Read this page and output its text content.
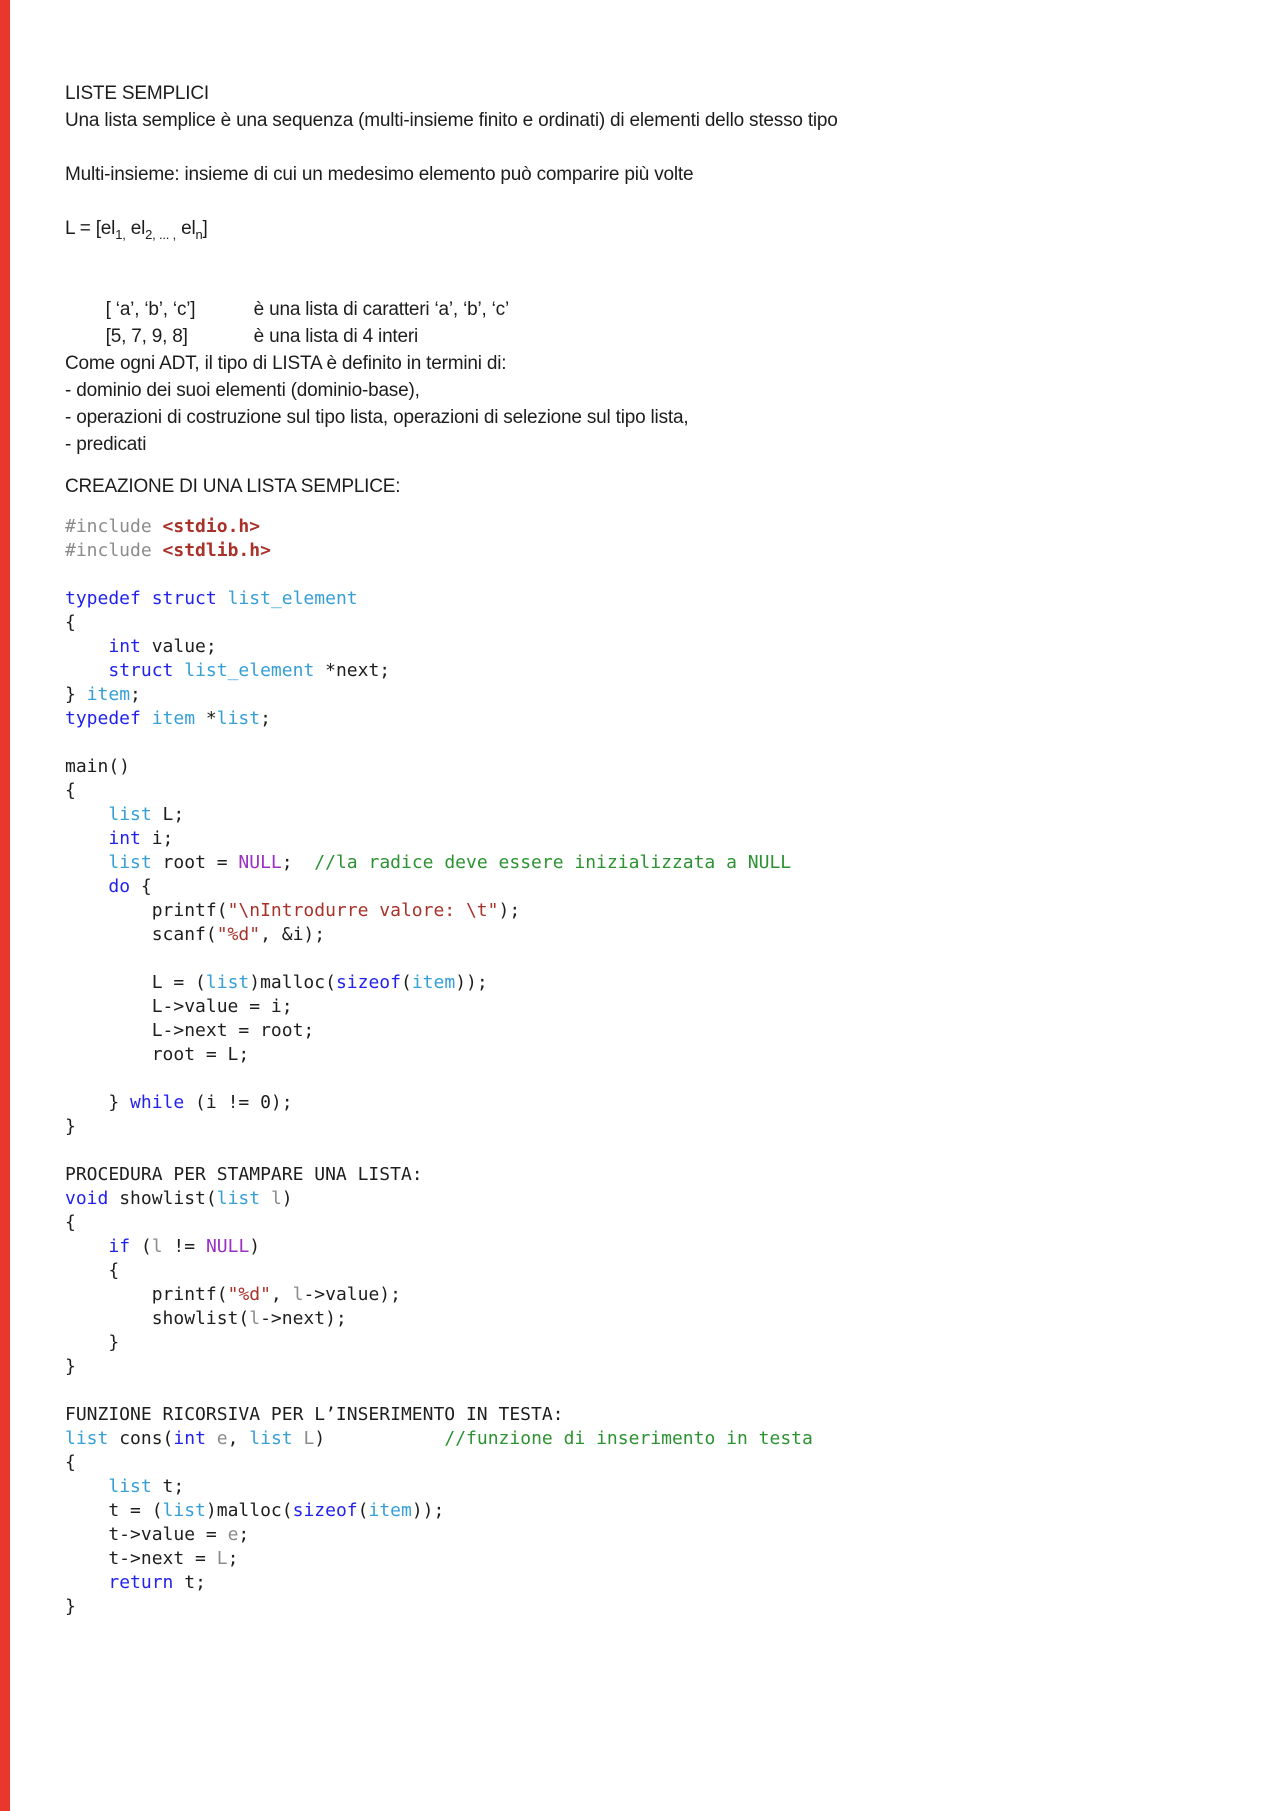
LISTE SEMPLICI
Una lista semplice è una sequenza (multi-insieme finito e ordinati) di elementi dello stesso tipo
Multi-insieme: insieme di cui un medesimo elemento può comparire più volte
$L = [el_{1,}$ $el_{2, ... ,}$ $el_n$]

[ ‘a’, ‘b’, ‘c’]	è una lista di caratteri ‘a’, ‘b’, ‘c’

[5, 7, 9, 8]	è una lista di 4 interi

Come ogni ADT, il tipo di LISTA è definito in termini di:
- dominio dei suoi elementi (dominio-base),
- operazioni di costruzione sul tipo lista, operazioni di selezione sul tipo lista,
- predicati
CREAZIONE DI UNA LISTA SEMPLICE:
#include <stdio.h>
#include <stdlib.h>
typedef struct list_element
{
int value;
struct list_element *next;
} item;
typedef item *list;
main()
{
list L;
int i;
list root = NULL;  //la radice deve essere inizializzata a NULL
do {
printf("\nIntrodurre valore: \t");
scanf("%d", &i);
L = (list)malloc(sizeof(item));
L->value = i;
L->next = root;
root = L;
} while (i != 0);
}
PROCEDURA PER STAMPARE UNA LISTA:
void showlist(list l)
{
if (l != NULL)
{
printf("%d", l->value);
showlist(l->next);
}
}
FUNZIONE RICORSIVA PER L’INSERIMENTO IN TESTA:
list cons(int e, list L)           //funzione di inserimento in testa
{
list t;
t = (list)malloc(sizeof(item));
t->value = e;
t->next = L;
return t;
}
